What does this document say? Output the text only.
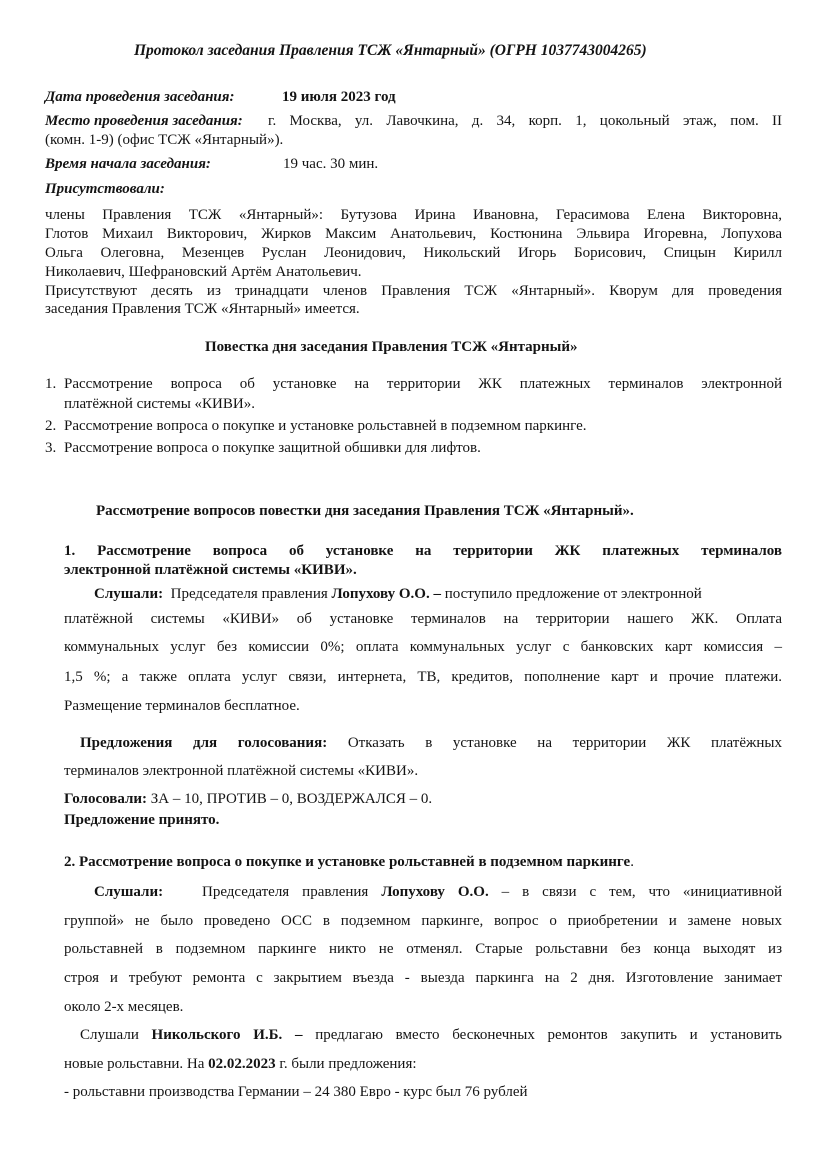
Протокол заседания Правления ТСЖ «Янтарный» (ОГРН 1037743004265)
Дата проведения заседания:	19 июля 2023 год
Место проведения заседания: г. Москва, ул. Лавочкина, д. 34, корп. 1, цокольный этаж, пом. II
(комн. 1-9) (офис ТСЖ «Янтарный»).
Время начала заседания:	19 час. 30 мин.
Присутствовали:
члены Правления ТСЖ «Янтарный»: Бутузова Ирина Ивановна, Герасимова Елена Викторовна,
Глотов Михаил Викторович, Жирков Максим Анатольевич, Костюнина Эльвира Игоревна, Лопухова
Ольга Олеговна, Мезенцев Руслан Леонидович, Никольский Игорь Борисович, Спицын Кирилл
Николаевич, Шефрановский Артём Анатольевич.
Присутствуют десять из тринадцати членов Правления ТСЖ «Янтарный». Кворум для проведения
заседания Правления ТСЖ «Янтарный» имеется.
Повестка дня заседания Правления ТСЖ «Янтарный»
1. Рассмотрение вопроса об установке на территории ЖК платежных терминалов электронной
платёжной системы «КИВИ».
2. Рассмотрение вопроса о покупке и установке рольставней в подземном паркинге.
3. Рассмотрение вопроса о покупке защитной обшивки для лифтов.
Рассмотрение вопросов повестки дня заседания Правления ТСЖ «Янтарный».
1. Рассмотрение вопроса об установке на территории ЖК платежных терминалов
электронной платёжной системы «КИВИ».
Слушали: Председателя правления Лопухову О.О. – поступило предложение от электронной
платёжной системы «КИВИ» об установке терминалов на территории нашего ЖК. Оплата
коммунальных услуг без комиссии 0%; оплата коммунальных услуг с банковских карт комиссия –
1,5 %; а также оплата услуг связи, интернета, ТВ, кредитов, пополнение карт и прочие платежи.
Размещение терминалов бесплатное.
Предложения для голосования: Отказать в установке на территории ЖК платёжных
терминалов электронной платёжной системы «КИВИ».
Голосовали: ЗА – 10, ПРОТИВ – 0, ВОЗДЕРЖАЛСЯ – 0.
Предложение принято.
2. Рассмотрение вопроса о покупке и установке рольставней в подземном паркинге.
Слушали:	Председателя правления Лопухову О.О. – в связи с тем, что «инициативной
группой» не было проведено ОСС в подземном паркинге, вопрос о приобретении и замене новых
рольставней в подземном паркинге никто не отменял. Старые рольставни без конца выходят из
строя и требуют ремонта с закрытием въезда - выезда паркинга на 2 дня. Изготовление занимает
около 2-х месяцев.
Слушали Никольского И.Б. – предлагаю вместо бесконечных ремонтов закупить и установить
новые рольставни. На 02.02.2023 г. были предложения:
- рольставни производства Германии – 24 380 Евро - курс был 76 рублей
